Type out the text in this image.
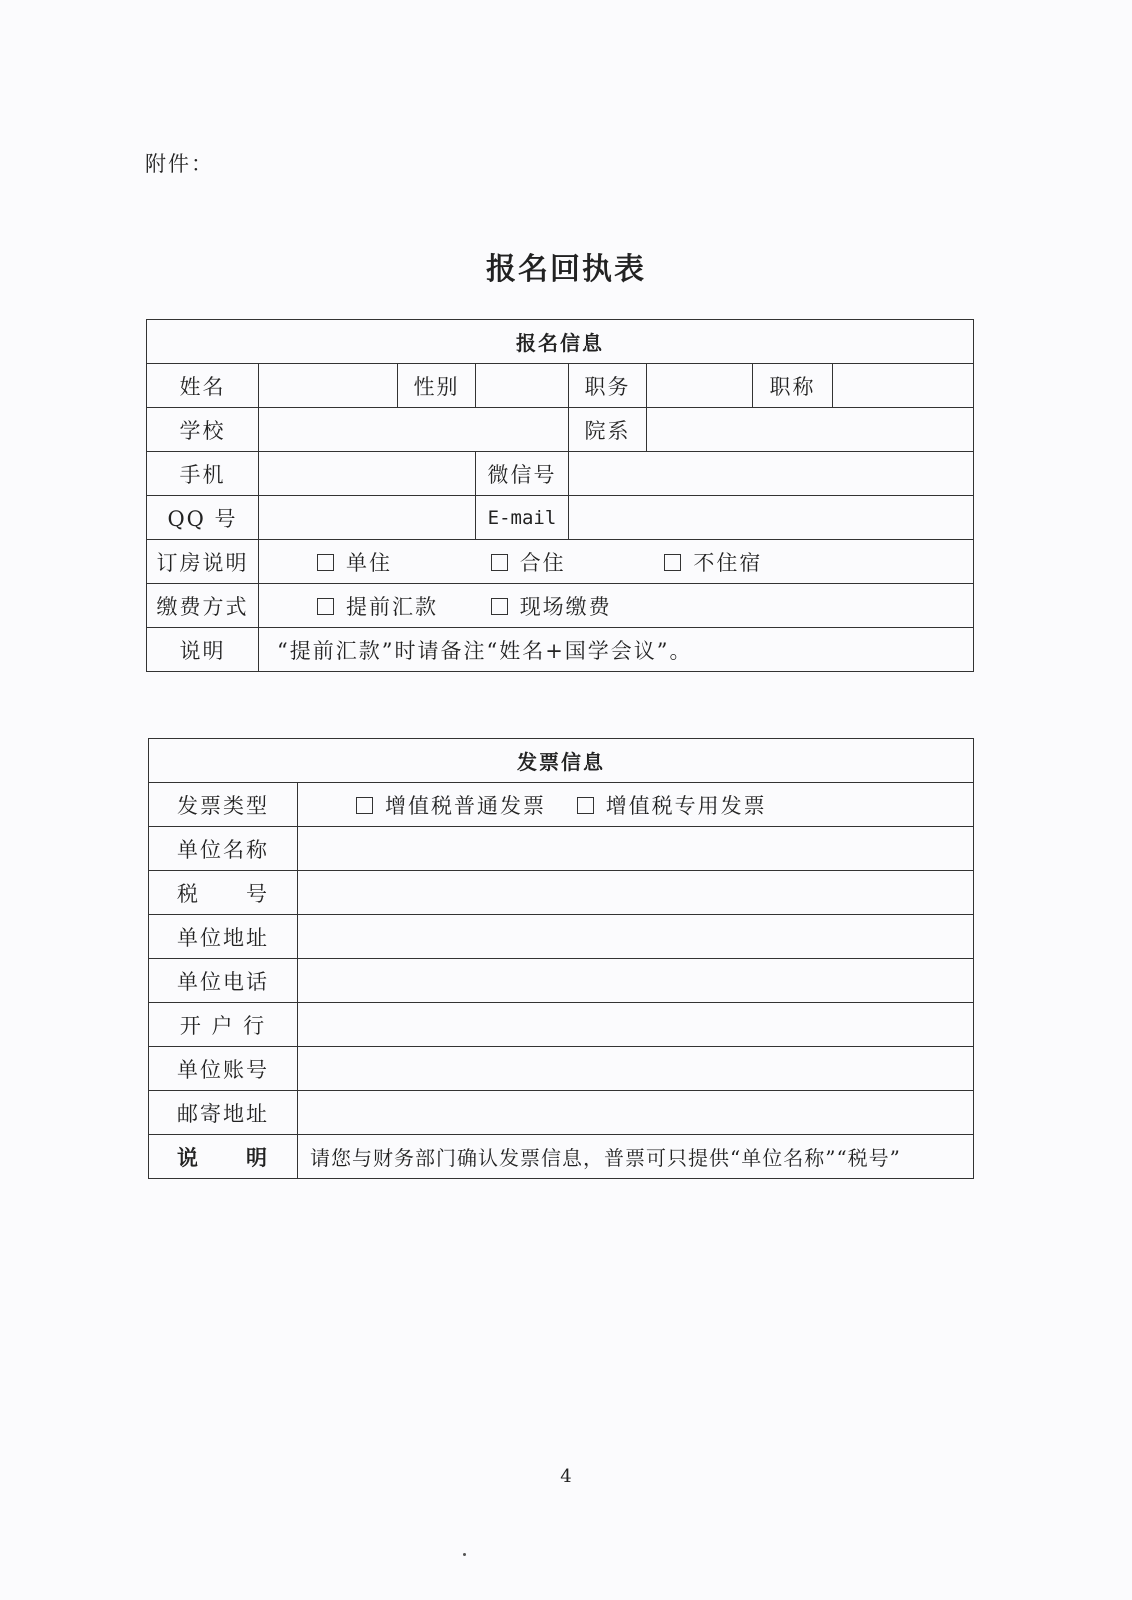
附件：
报名回执表
报名信息							
姓名		性别		职务		职称	
学校				院系			
手机			微信号				
QQ 号			E-mail				
订房说明	单住 合住 不住宿						
缴费方式	提前汇款 现场缴费						
说明	“提前汇款”时请备注“姓名+国学会议”。						
发票信息	
发票类型	增值税普通发票 增值税专用发票
单位名称	
税　　号	
单位地址	
单位电话	
开 户 行	
单位账号	
邮寄地址	
说　　明	请您与财务部门确认发票信息，普票可只提供“单位名称”“税号”
4
